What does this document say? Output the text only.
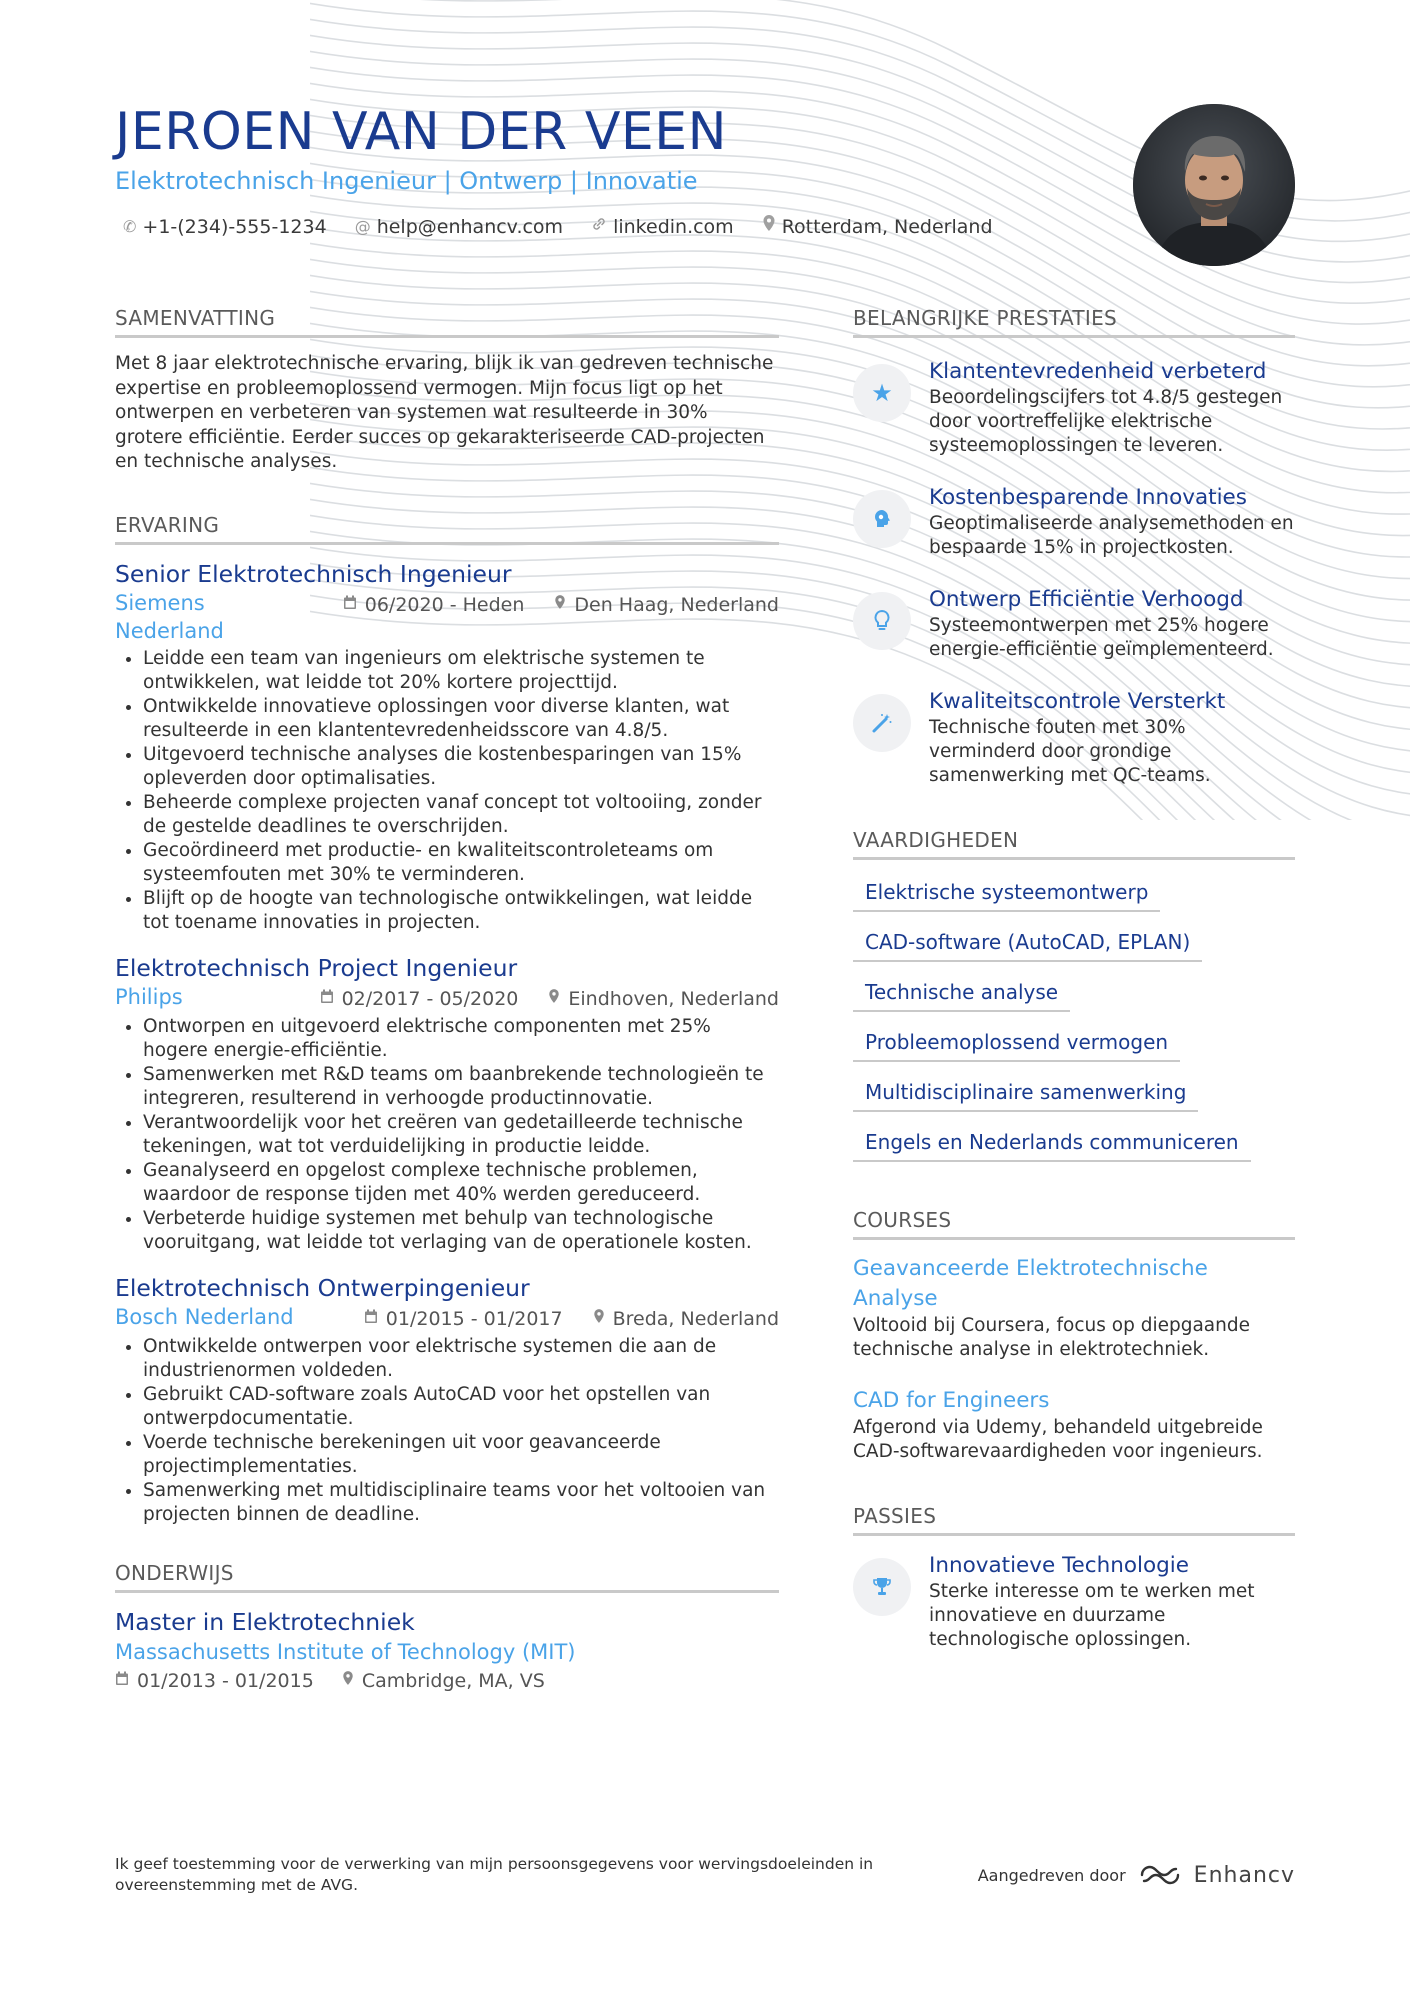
JEROEN VAN DER VEEN
Elektrotechnisch Ingenieur | Ontwerp | Innovatie
✆ +1-(234)-555-1234 @ help@enhancv.com	linkedin.com	Rotterdam, Nederland
SAMENVATTING

Met 8 jaar elektrotechnische ervaring, blijk ik van gedreven technische expertise en probleemoplossend vermogen. Mijn focus ligt op het ontwerpen en verbeteren van systemen wat resulteerde in 30% grotere efficiëntie. Eerder succes op gekarakteriseerde CAD-projecten en technische analyses.

ERVARING
Senior Elektrotechnisch Ingenieur
Siemens Nederland
06/2020 - Heden	Den Haag, Nederland
• Leidde een team van ingenieurs om elektrische systemen te ontwikkelen, wat leidde tot 20% kortere projecttijd.
• Ontwikkelde innovatieve oplossingen voor diverse klanten, wat resulteerde in een klantentevredenheidsscore van 4.8/5.
• Uitgevoerd technische analyses die kostenbesparingen van 15% opleverden door optimalisaties.
• Beheerde complexe projecten vanaf concept tot voltooiing, zonder de gestelde deadlines te overschrijden.
• Gecoördineerd met productie- en kwaliteitscontroleteams om systeemfouten met 30% te verminderen.
• Blijft op de hoogte van technologische ontwikkelingen, wat leidde tot toename innovaties in projecten.
Elektrotechnisch Project Ingenieur
Philips	02/2017 - 05/2020	Eindhoven, Nederland
• Ontworpen en uitgevoerd elektrische componenten met 25% hogere energie-efficiëntie.
• Samenwerken met R&D teams om baanbrekende technologieën te integreren, resulterend in verhoogde productinnovatie.
• Verantwoordelijk voor het creëren van gedetailleerde technische tekeningen, wat tot verduidelijking in productie leidde.
• Geanalyseerd en opgelost complexe technische problemen, waardoor de response tijden met 40% werden gereduceerd.
• Verbeterde huidige systemen met behulp van technologische vooruitgang, wat leidde tot verlaging van de operationele kosten.
Elektrotechnisch Ontwerpingenieur
Bosch Nederland	01/2015 - 01/2017	Breda, Nederland
• Ontwikkelde ontwerpen voor elektrische systemen die aan de industrienormen voldeden.
• Gebruikt CAD-software zoals AutoCAD voor het opstellen van ontwerpdocumentatie.
• Voerde technische berekeningen uit voor geavanceerde projectimplementaties.
• Samenwerking met multidisciplinaire teams voor het voltooien van projecten binnen de deadline.
ONDERWIJS
Master in Elektrotechniek
Massachusetts Institute of Technology (MIT)
01/2013 - 01/2015	Cambridge, MA, VS
BELANGRIJKE PRESTATIES
★
Klantentevredenheid verbeterd
Beoordelingscijfers tot 4.8/5 gestegen door voortreffelijke elektrische systeemoplossingen te leveren.
Kostenbesparende Innovaties
Geoptimaliseerde analysemethoden en bespaarde 15% in projectkosten.
Ontwerp Efficiëntie Verhoogd
Systeemontwerpen met 25% hogere energie-efficiëntie geïmplementeerd.
Kwaliteitscontrole Versterkt
Technische fouten met 30% verminderd door grondige samenwerking met QC-teams.
VAARDIGHEDEN
Elektrische systeemontwerp
CAD-software (AutoCAD, EPLAN)
Technische analyse
Probleemoplossend vermogen
Multidisciplinaire samenwerking
Engels en Nederlands communiceren
COURSES
Geavanceerde Elektrotechnische Analyse
Voltooid bij Coursera, focus op diepgaande technische analyse in elektrotechniek.
CAD for Engineers
Afgerond via Udemy, behandeld uitgebreide CAD-softwarevaardigheden voor ingenieurs.
PASSIES
Innovatieve Technologie
Sterke interesse om te werken met innovatieve en duurzame technologische oplossingen.
Ik geef toestemming voor de verwerking van mijn persoonsgegevens voor wervingsdoeleinden in overeenstemming met de AVG.
Aangedreven door	Enhancv
